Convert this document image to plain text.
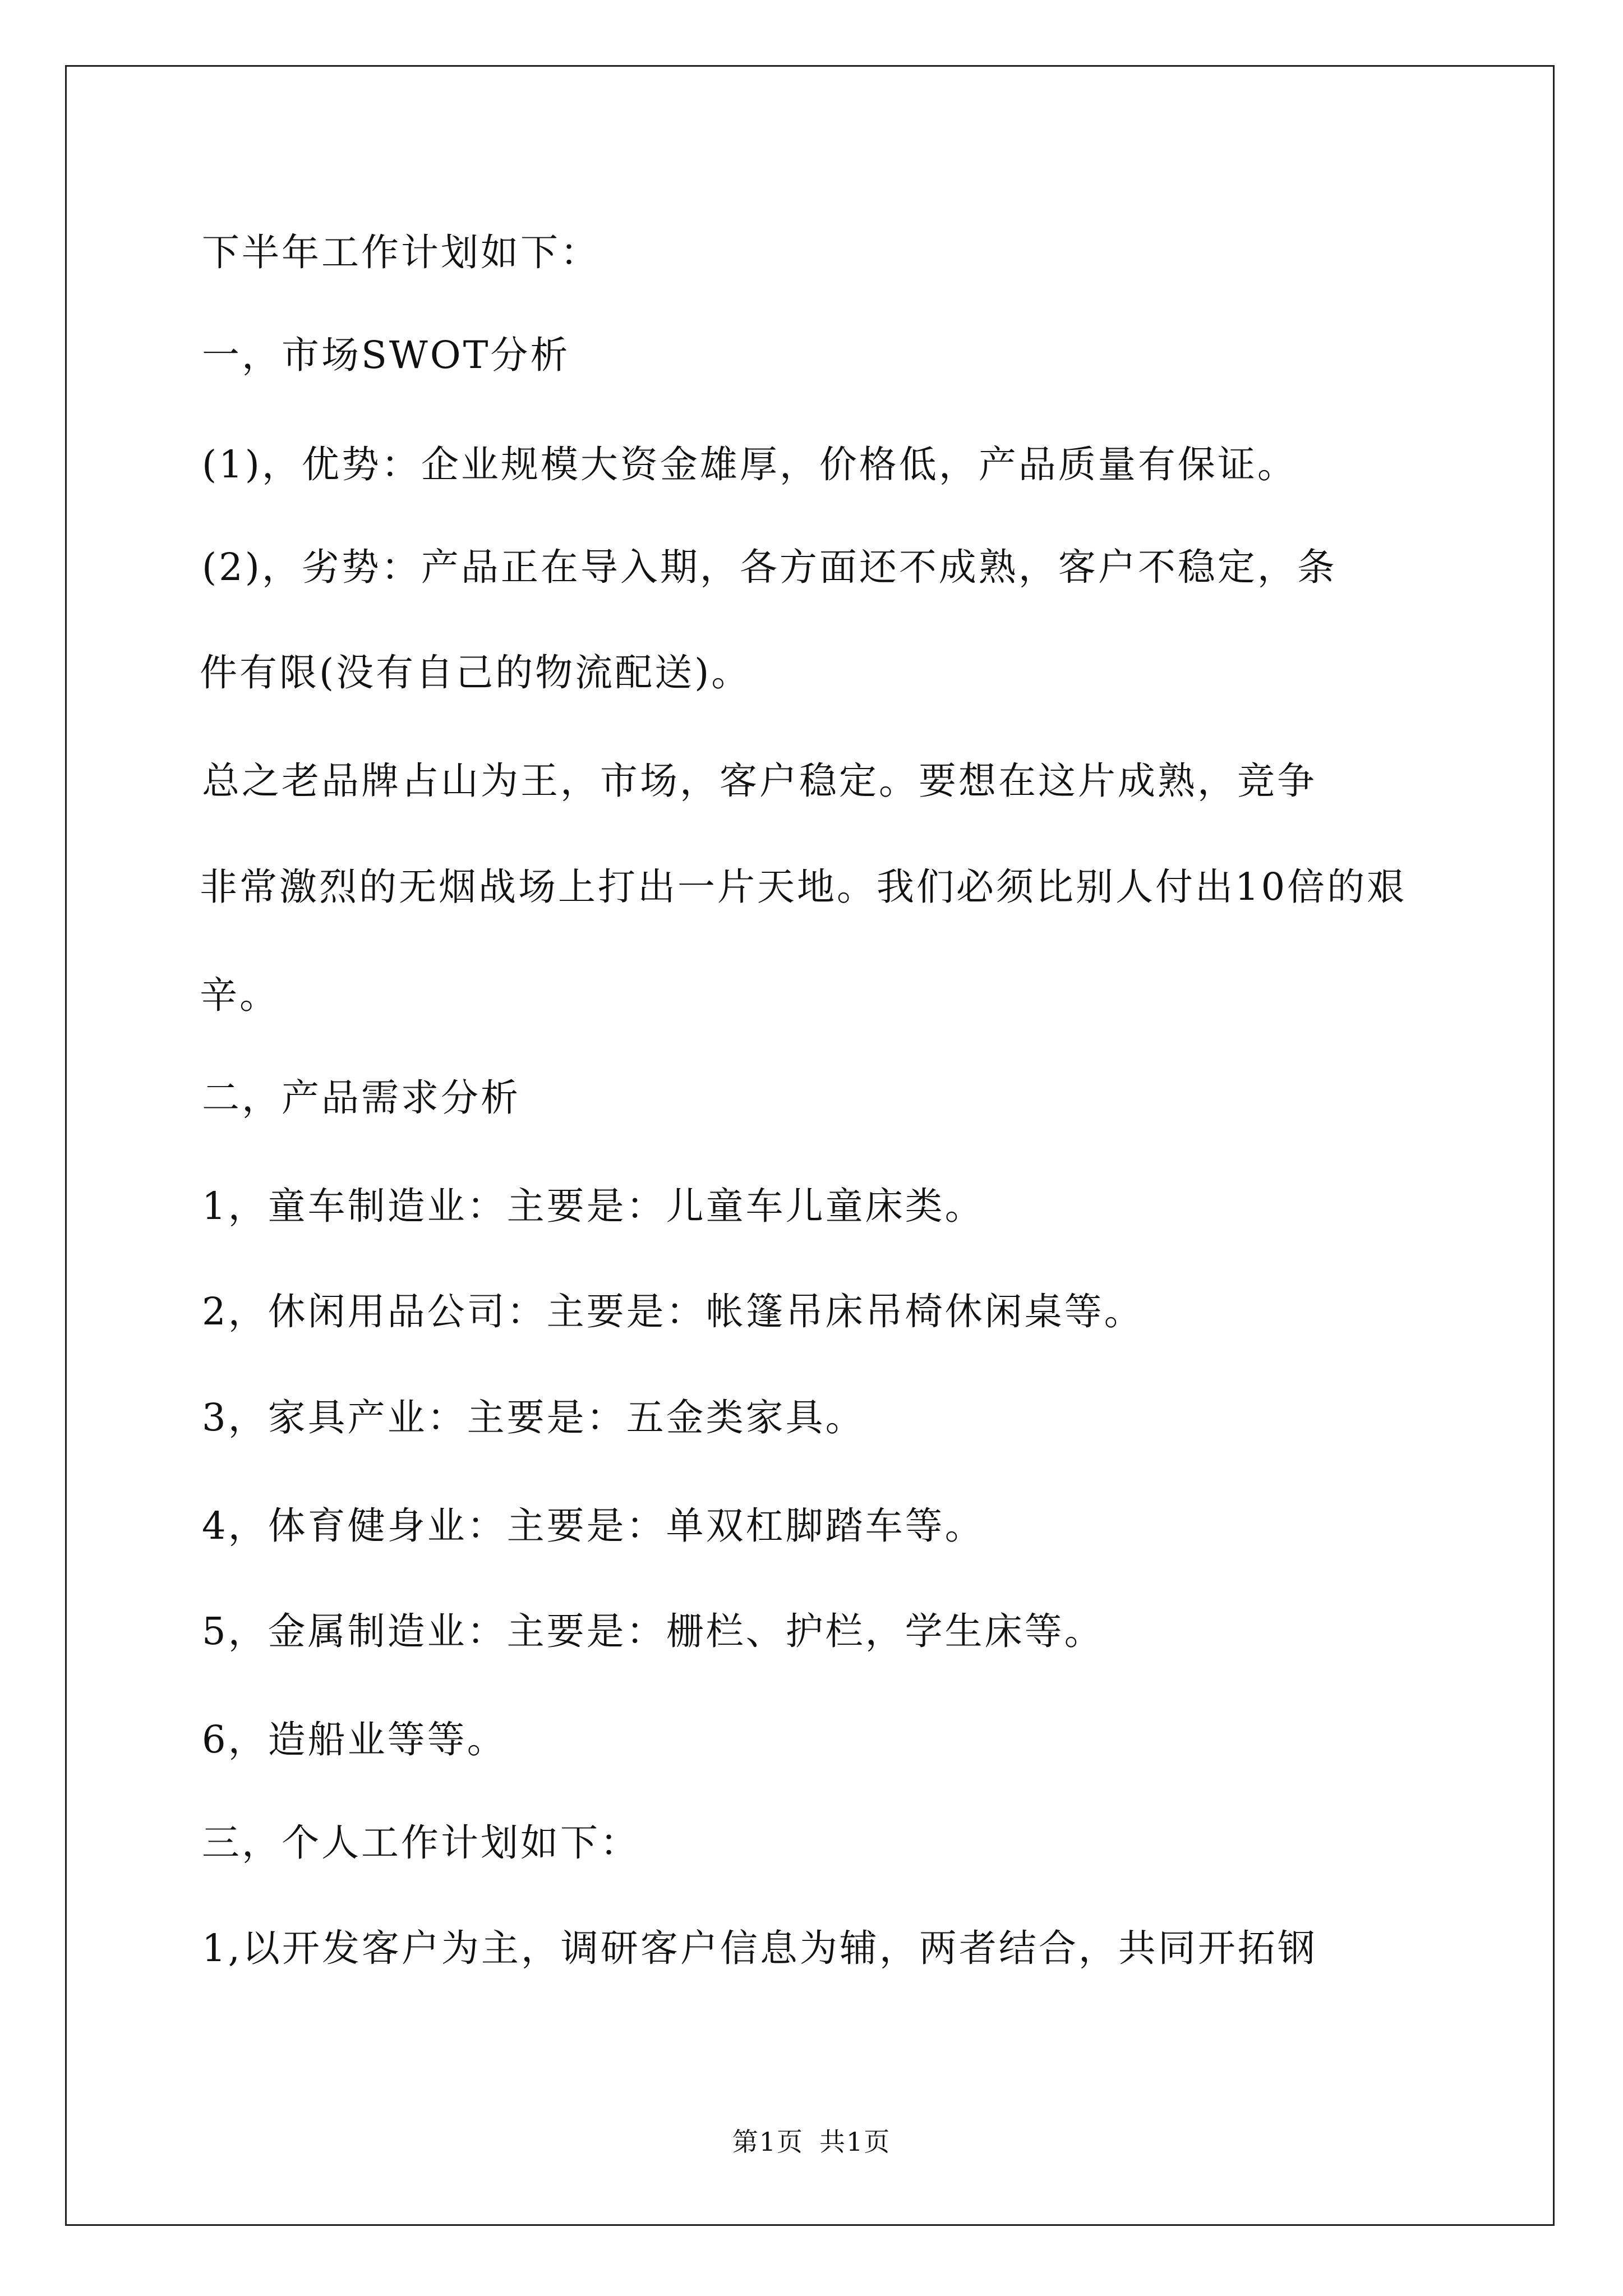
下半年工作计划如下：
一，市场SWOT分析
(1)，优势：企业规模大资金雄厚，价格低，产品质量有保证。
(2)，劣势：产品正在导入期，各方面还不成熟，客户不稳定，条
件有限(没有自己的物流配送)。
总之老品牌占山为王，市场，客户稳定。要想在这片成熟，竞争
非常激烈的无烟战场上打出一片天地。我们必须比别人付出10倍的艰
辛。
二，产品需求分析
1，童车制造业：主要是：儿童车儿童床类。
2，休闲用品公司：主要是：帐篷吊床吊椅休闲桌等。
3，家具产业：主要是：五金类家具。
4，体育健身业：主要是：单双杠脚踏车等。
5，金属制造业：主要是：栅栏、护栏，学生床等。
6，造船业等等。
三，个人工作计划如下：
1,以开发客户为主，调研客户信息为辅，两者结合，共同开拓钢
第1页 共1页
